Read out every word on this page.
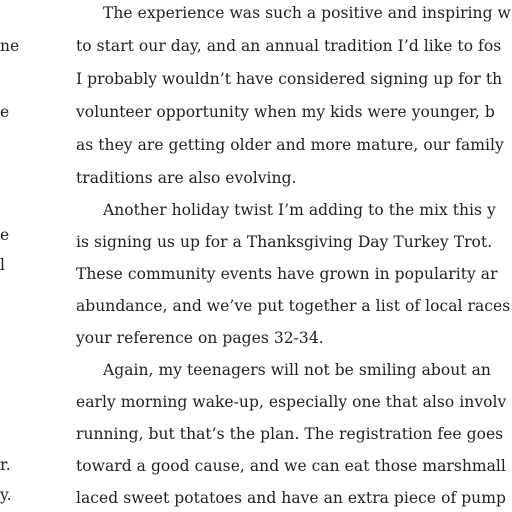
ne
e
e
l
r.
y.
The experience was such a positive and inspiring w
to start our day, and an annual tradition I’d like to fos
I probably wouldn’t have considered signing up for th
volunteer opportunity when my kids were younger, b
as they are getting older and more mature, our family
traditions are also evolving.
Another holiday twist I’m adding to the mix this y
is signing us up for a Thanksgiving Day Turkey Trot.
These community events have grown in popularity ar
abundance, and we’ve put together a list of local races
your reference on pages 32-34.
Again, my teenagers will not be smiling about an
early morning wake-up, especially one that also involv
running, but that’s the plan. The registration fee goes
toward a good cause, and we can eat those marshmall
laced sweet potatoes and have an extra piece of pump
